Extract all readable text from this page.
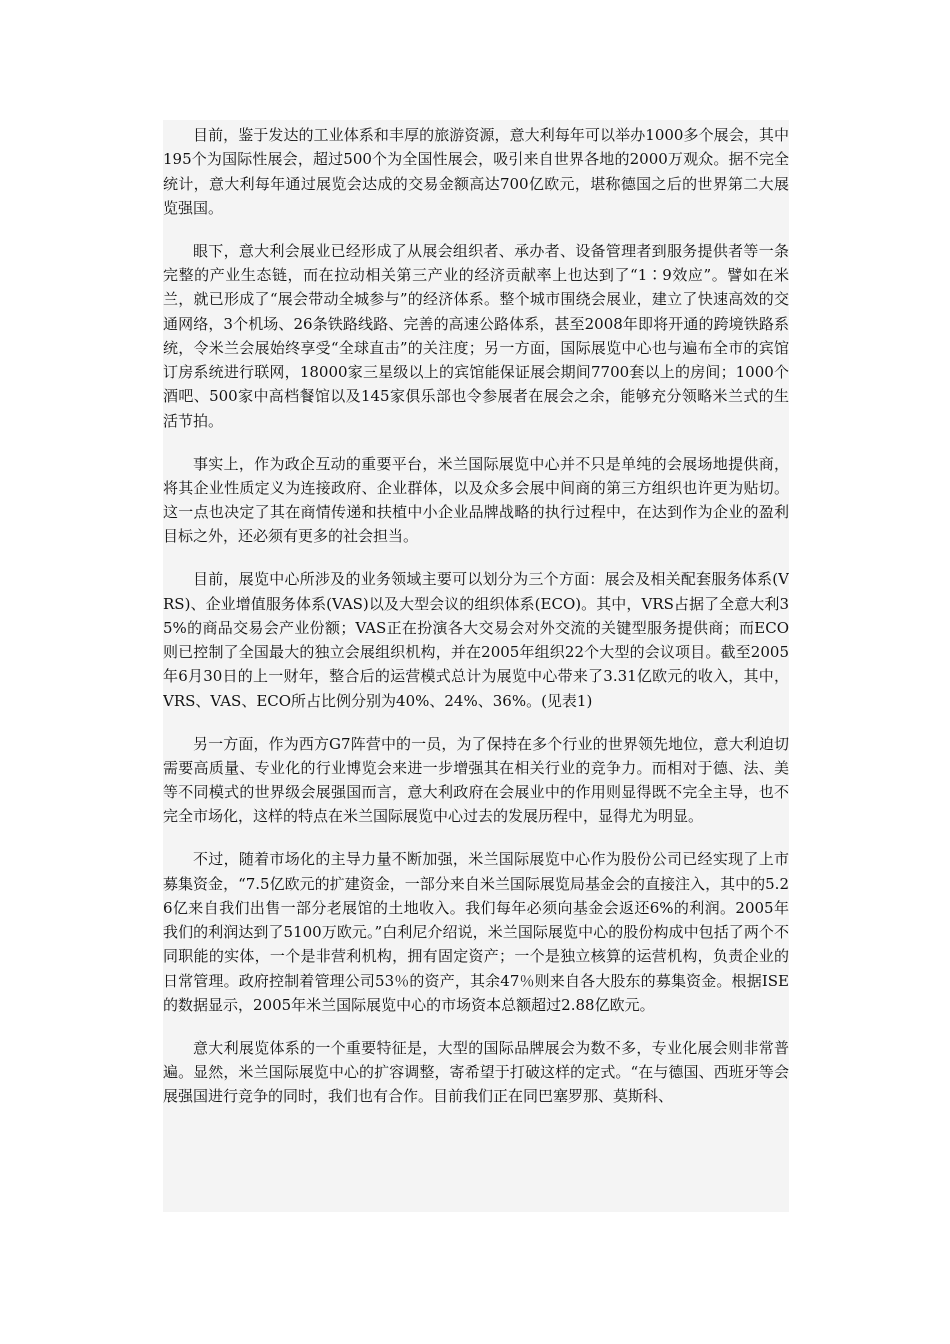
目前，鉴于发达的工业体系和丰厚的旅游资源，意大利每年可以举办1000多个展会，其中195个为国际性展会，超过500个为全国性展会，吸引来自世界各地的2000万观众。据不完全统计，意大利每年通过展览会达成的交易金额高达700亿欧元，堪称德国之后的世界第二大展览强国。

眼下，意大利会展业已经形成了从展会组织者、承办者、设备管理者到服务提供者等一条完整的产业生态链，而在拉动相关第三产业的经济贡献率上也达到了“1∶9效应”。譬如在米兰，就已形成了“展会带动全城参与”的经济体系。整个城市围绕会展业，建立了快速高效的交通网络，3个机场、26条铁路线路、完善的高速公路体系，甚至2008年即将开通的跨境铁路系统，令米兰会展始终享受“全球直击”的关注度；另一方面，国际展览中心也与遍布全市的宾馆订房系统进行联网，18000家三星级以上的宾馆能保证展会期间7700套以上的房间；1000个酒吧、500家中高档餐馆以及145家俱乐部也令参展者在展会之余，能够充分领略米兰式的生活节拍。

事实上，作为政企互动的重要平台，米兰国际展览中心并不只是单纯的会展场地提供商，将其企业性质定义为连接政府、企业群体，以及众多会展中间商的第三方组织也许更为贴切。这一点也决定了其在商情传递和扶植中小企业品牌战略的执行过程中，在达到作为企业的盈利目标之外，还必须有更多的社会担当。

目前，展览中心所涉及的业务领域主要可以划分为三个方面：展会及相关配套服务体系(VRS)、企业增值服务体系(VAS)以及大型会议的组织体系(ECO)。其中，VRS占据了全意大利35%的商品交易会产业份额；VAS正在扮演各大交易会对外交流的关键型服务提供商；而ECO则已控制了全国最大的独立会展组织机构，并在2005年组织22个大型的会议项目。截至2005年6月30日的上一财年，整合后的运营模式总计为展览中心带来了3.31亿欧元的收入，其中，VRS、VAS、ECO所占比例分别为40%、24%、36%。(见表1)

另一方面，作为西方G7阵营中的一员，为了保持在多个行业的世界领先地位，意大利迫切需要高质量、专业化的行业博览会来进一步增强其在相关行业的竞争力。而相对于德、法、美等不同模式的世界级会展强国而言，意大利政府在会展业中的作用则显得既不完全主导，也不完全市场化，这样的特点在米兰国际展览中心过去的发展历程中，显得尤为明显。

不过，随着市场化的主导力量不断加强，米兰国际展览中心作为股份公司已经实现了上市募集资金，“7.5亿欧元的扩建资金，一部分来自米兰国际展览局基金会的直接注入，其中的5.26亿来自我们出售一部分老展馆的土地收入。我们每年必须向基金会返还6%的利润。2005年我们的利润达到了5100万欧元。”白利尼介绍说，米兰国际展览中心的股份构成中包括了两个不同职能的实体，一个是非营利机构，拥有固定资产；一个是独立核算的运营机构，负责企业的日常管理。政府控制着管理公司53％的资产，其余47％则来自各大股东的募集资金。根据ISE的数据显示，2005年米兰国际展览中心的市场资本总额超过2.88亿欧元。

意大利展览体系的一个重要特征是，大型的国际品牌展会为数不多，专业化展会则非常普遍。显然，米兰国际展览中心的扩容调整，寄希望于打破这样的定式。“在与德国、西班牙等会展强国进行竞争的同时，我们也有合作。目前我们正在同巴塞罗那、莫斯科、
